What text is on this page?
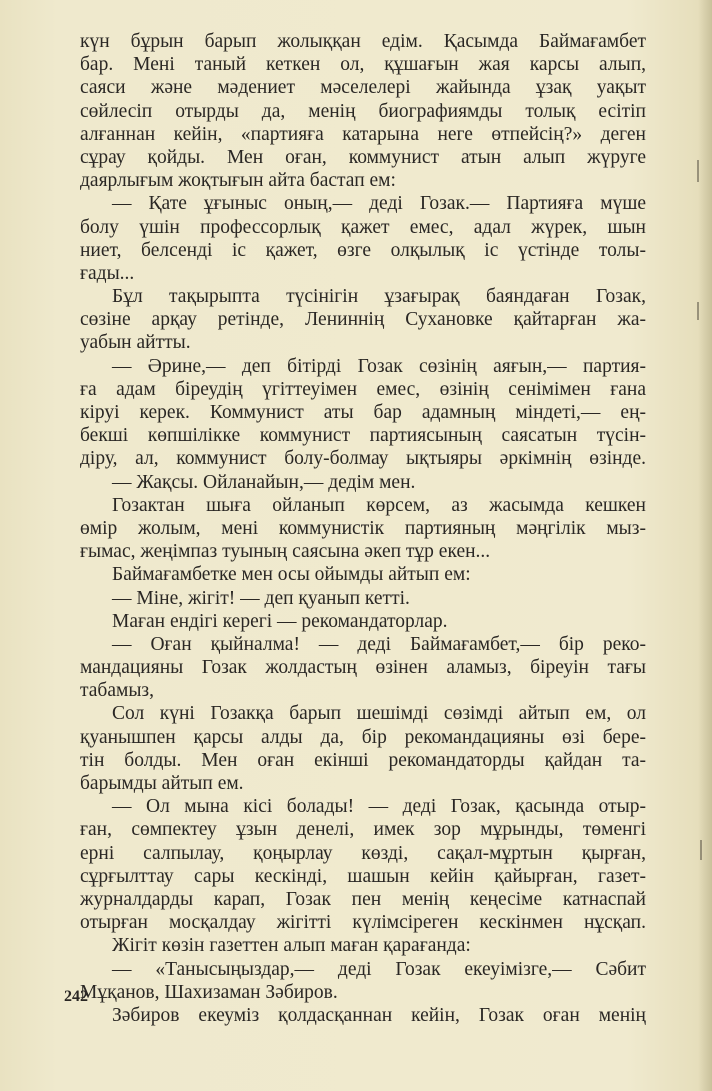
күн бұрын барып жолыққан едім. Қасымда Баймағамбет
бар. Мені таный кеткен ол, құшағын жая карсы алып,
саяси және мәдениет мәселелері жайында ұзақ уақыт
сөйлесіп отырды да, менің биографиямды толық есітіп
алғаннан кейін, «партияға катарына неге өтпейсің?» деген
сұрау қойды. Мен оған, коммунист атын алып жүруге
даярлығым жоқтығын айта бастап ем:
— Қате ұғыныс оның,— деді Гозак.— Партияға мүше
болу үшін профессорлық қажет емес, адал жүрек, шын
ниет, белсенді іс қажет, өзге олқылық іс үстінде толы-
ғады...
Бұл тақырыпта түсінігін ұзағырақ баяндаған Гозак,
сөзіне арқау ретінде, Лениннің Сухановке қайтарған жа-
уабын айтты.
— Әрине,— деп бітірді Гозак сөзінің аяғын,— партия-
ға адам біреудің үгіттеуімен емес, өзінің сенімімен ғана
кіруі керек. Коммунист аты бар адамның міндеті,— ең-
бекші көпшілікке коммунист партиясының саясатын түсін-
діру, ал, коммунист болу-болмау ықтыяры әркімнің өзінде.
— Жақсы. Ойланайын,— дедім мен.
Гозактан шыға ойланып көрсем, аз жасымда кешкен
өмір жолым, мені коммунистік партияның мәңгілік мыз-
ғымас, жеңімпаз туының саясына әкеп тұр екен...
Баймағамбетке мен осы ойымды айтып ем:
— Міне, жігіт! — деп қуанып кетті.
Маған ендігі керегі — рекомандаторлар.
— Оған қыйналма! — деді Баймағамбет,— бір реко-
мандацияны Гозак жолдастың өзінен аламыз, біреуін тағы
табамыз,
Сол күні Гозакқа барып шешімді сөзімді айтып ем, ол
қуанышпен қарсы алды да, бір рекомандацияны өзі бере-
тін болды. Мен оған екінші рекомандаторды қайдан та-
барымды айтып ем.
— Ол мына кісі болады! — деді Гозак, қасында отыр-
ған, сөмпектеу ұзын денелі, имек зор мұрынды, төменгі
ерні салпылау, қоңырлау көзді, сақал-мұртын қырған,
сұрғылттау сары кескінді, шашын кейін қайырған, газет-
журналдарды карап, Гозак пен менің кеңесіме катнаспай
отырған мосқалдау жігітті күлімсіреген кескінмен нұсқап.
Жігіт көзін газеттен алып маған қарағанда:
— «Танысыңыздар,— деді Гозак екеуімізге,— Сәбит
Мұқанов, Шахизаман Зәбиров.
Зәбиров екеуміз қолдасқаннан кейін, Гозак оған менің
242
